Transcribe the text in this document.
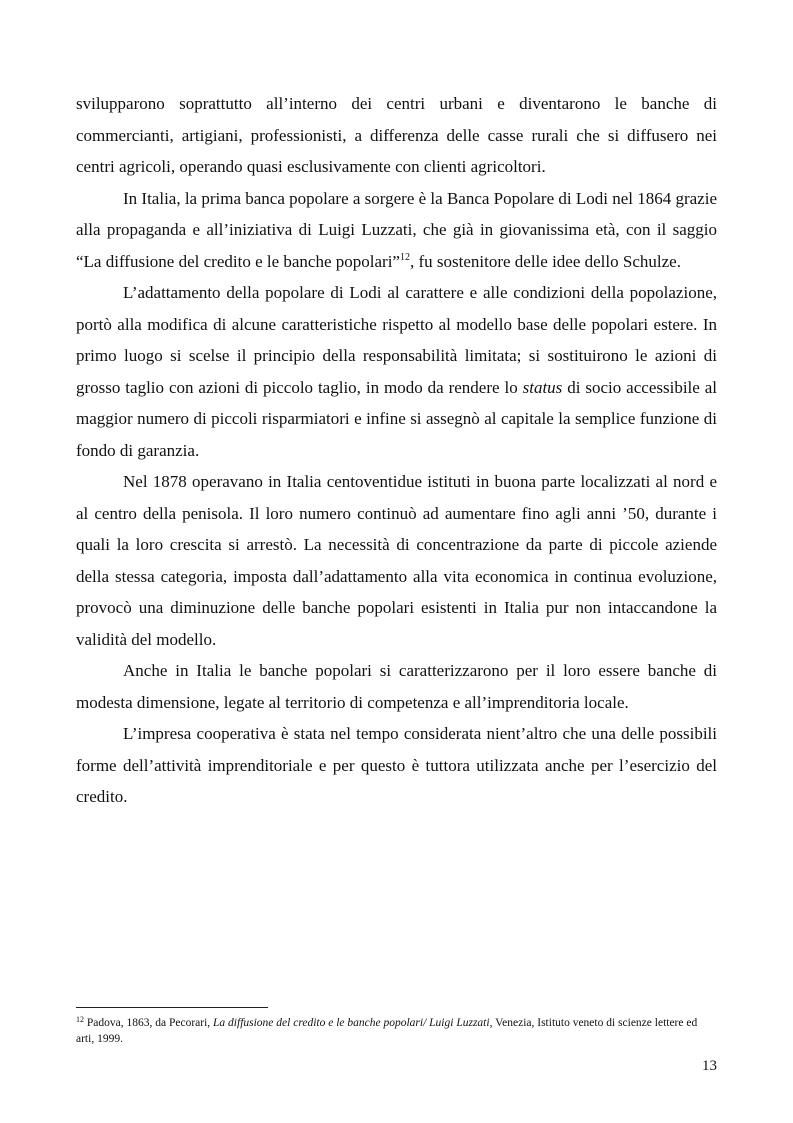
svilupparono soprattutto all’interno dei centri urbani e diventarono le banche di commercianti, artigiani, professionisti, a differenza delle casse rurali che si diffusero nei centri agricoli, operando quasi esclusivamente con clienti agricoltori.

In Italia, la prima banca popolare a sorgere è la Banca Popolare di Lodi nel 1864 grazie alla propaganda e all’iniziativa di Luigi Luzzati, che già in giovanissima età, con il saggio “La diffusione del credito e le banche popolari”$^{12}$, fu sostenitore delle idee dello Schulze.

L’adattamento della popolare di Lodi al carattere e alle condizioni della popolazione, portò alla modifica di alcune caratteristiche rispetto al modello base delle popolari estere. In primo luogo si scelse il principio della responsabilità limitata; si sostituirono le azioni di grosso taglio con azioni di piccolo taglio, in modo da rendere lo status di socio accessibile al maggior numero di piccoli risparmiatori e infine si assegnò al capitale la semplice funzione di fondo di garanzia.

Nel 1878 operavano in Italia centoventidue istituti in buona parte localizzati al nord e al centro della penisola. Il loro numero continuò ad aumentare fino agli anni ’50, durante i quali la loro crescita si arrestò. La necessità di concentrazione da parte di piccole aziende della stessa categoria, imposta dall’adattamento alla vita economica in continua evoluzione, provocò una diminuzione delle banche popolari esistenti in Italia pur non intaccandone la validità del modello.

Anche in Italia le banche popolari si caratterizzarono per il loro essere banche di modesta dimensione, legate al territorio di competenza e all’imprenditoria locale.

L’impresa cooperativa è stata nel tempo considerata nient’altro che una delle possibili forme dell’attività imprenditoriale e per questo è tuttora utilizzata anche per l’esercizio del credito.

$^{12}$ Padova, 1863, da Pecorari, La diffusione del credito e le banche popolari/ Luigi Luzzati, Venezia, Istituto veneto di scienze lettere ed arti, 1999.
13
